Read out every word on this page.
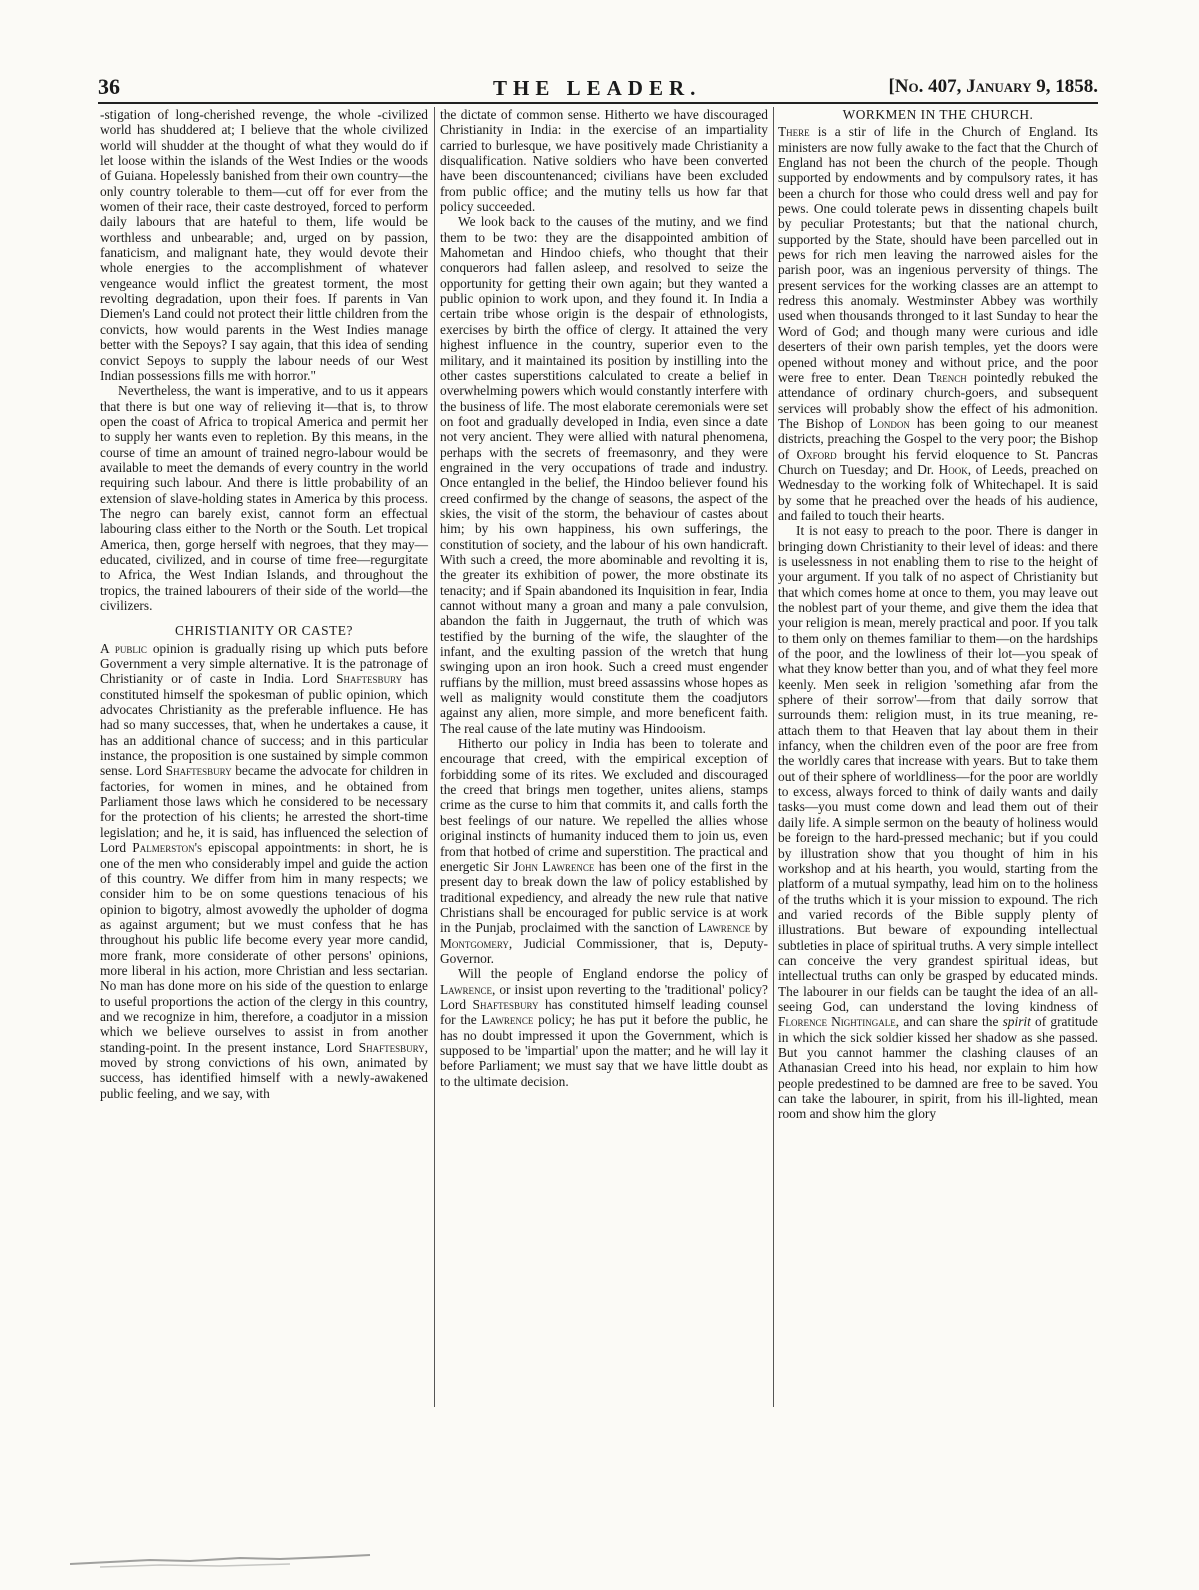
36	THE LEADER.	[No. 407, January 9, 1858.

-stigation of long-cherished revenge, the whole -civilized world has shuddered at; I believe that the whole civilized world will shudder at the thought of what they would do if let loose within the islands of the West Indies or the woods of Guiana. Hopelessly banished from their own country—the only country tolerable to them—cut off for ever from the women of their race, their caste destroyed, forced to perform daily labours that are hateful to them, life would be worthless and unbearable; and, urged on by passion, fanaticism, and malignant hate, they would devote their whole energies to the accomplishment of whatever vengeance would inflict the greatest torment, the most revolting degradation, upon their foes. If parents in Van Diemen's Land could not protect their little children from the convicts, how would parents in the West Indies manage better with the Sepoys? I say again, that this idea of sending convict Sepoys to supply the labour needs of our West Indian possessions fills me with horror."

Nevertheless, the want is imperative, and to us it appears that there is but one way of relieving it—that is, to throw open the coast of Africa to tropical America and permit her to supply her wants even to repletion. By this means, in the course of time an amount of trained negro-labour would be available to meet the demands of every country in the world requiring such labour. And there is little probability of an extension of slave-holding states in America by this process. The negro can barely exist, cannot form an effectual labouring class either to the North or the South. Let tropical America, then, gorge herself with negroes, that they may—educated, civilized, and in course of time free—regurgitate to Africa, the West Indian Islands, and throughout the tropics, the trained labourers of their side of the world—the civilizers.

CHRISTIANITY OR CASTE?

A public opinion is gradually rising up which puts before Government a very simple alternative. It is the patronage of Christianity or of caste in India. Lord Shaftesbury has constituted himself the spokesman of public opinion, which advocates Christianity as the preferable influence. He has had so many successes, that, when he undertakes a cause, it has an additional chance of success; and in this particular instance, the proposition is one sustained by simple common sense. Lord Shaftesbury became the advocate for children in factories, for women in mines, and he obtained from Parliament those laws which he considered to be necessary for the protection of his clients; he arrested the short-time legislation; and he, it is said, has influenced the selection of Lord Palmerston's episcopal appointments: in short, he is one of the men who considerably impel and guide the action of this country. We differ from him in many respects; we consider him to be on some questions tenacious of his opinion to bigotry, almost avowedly the upholder of dogma as against argument; but we must confess that he has throughout his public life become every year more candid, more frank, more considerate of other persons' opinions, more liberal in his action, more Christian and less sectarian. No man has done more on his side of the question to enlarge to useful proportions the action of the clergy in this country, and we recognize in him, therefore, a coadjutor in a mission which we believe ourselves to assist in from another standing-point. In the present instance, Lord Shaftesbury, moved by strong convictions of his own, animated by success, has identified himself with a newly-awakened public feeling, and we say, with

the dictate of common sense. Hitherto we have discouraged Christianity in India: in the exercise of an impartiality carried to burlesque, we have positively made Christianity a disqualification. Native soldiers who have been converted have been discountenanced; civilians have been excluded from public office; and the mutiny tells us how far that policy succeeded.

We look back to the causes of the mutiny, and we find them to be two: they are the disappointed ambition of Mahometan and Hindoo chiefs, who thought that their conquerors had fallen asleep, and resolved to seize the opportunity for getting their own again; but they wanted a public opinion to work upon, and they found it. In India a certain tribe whose origin is the despair of ethnologists, exercises by birth the office of clergy. It attained the very highest influence in the country, superior even to the military, and it maintained its position by instilling into the other castes superstitions calculated to create a belief in overwhelming powers which would constantly interfere with the business of life. The most elaborate ceremonials were set on foot and gradually developed in India, even since a date not very ancient. They were allied with natural phenomena, perhaps with the secrets of freemasonry, and they were engrained in the very occupations of trade and industry. Once entangled in the belief, the Hindoo believer found his creed confirmed by the change of seasons, the aspect of the skies, the visit of the storm, the behaviour of castes about him; by his own happiness, his own sufferings, the constitution of society, and the labour of his own handicraft. With such a creed, the more abominable and revolting it is, the greater its exhibition of power, the more obstinate its tenacity; and if Spain abandoned its Inquisition in fear, India cannot without many a groan and many a pale convulsion, abandon the faith in Juggernaut, the truth of which was testified by the burning of the wife, the slaughter of the infant, and the exulting passion of the wretch that hung swinging upon an iron hook. Such a creed must engender ruffians by the million, must breed assassins whose hopes as well as malignity would constitute them the coadjutors against any alien, more simple, and more beneficent faith. The real cause of the late mutiny was Hindooism.

Hitherto our policy in India has been to tolerate and encourage that creed, with the empirical exception of forbidding some of its rites. We excluded and discouraged the creed that brings men together, unites aliens, stamps crime as the curse to him that commits it, and calls forth the best feelings of our nature. We repelled the allies whose original instincts of humanity induced them to join us, even from that hotbed of crime and superstition. The practical and energetic Sir John Lawrence has been one of the first in the present day to break down the law of policy established by traditional expediency, and already the new rule that native Christians shall be encouraged for public service is at work in the Punjab, proclaimed with the sanction of Lawrence by Montgomery, Judicial Commissioner, that is, Deputy-Governor.

Will the people of England endorse the policy of Lawrence, or insist upon reverting to the 'traditional' policy? Lord Shaftesbury has constituted himself leading counsel for the Lawrence policy; he has put it before the public, he has no doubt impressed it upon the Government, which is supposed to be 'impartial' upon the matter; and he will lay it before Parliament; we must say that we have little doubt as to the ultimate decision.

WORKMEN IN THE CHURCH.

There is a stir of life in the Church of England. Its ministers are now fully awake to the fact that the Church of England has not been the church of the people. Though supported by endowments and by compulsory rates, it has been a church for those who could dress well and pay for pews. One could tolerate pews in dissenting chapels built by peculiar Protestants; but that the national church, supported by the State, should have been parcelled out in pews for rich men leaving the narrowed aisles for the parish poor, was an ingenious perversity of things. The present services for the working classes are an attempt to redress this anomaly. Westminster Abbey was worthily used when thousands thronged to it last Sunday to hear the Word of God; and though many were curious and idle deserters of their own parish temples, yet the doors were opened without money and without price, and the poor were free to enter. Dean Trench pointedly rebuked the attendance of ordinary church-goers, and subsequent services will probably show the effect of his admonition. The Bishop of London has been going to our meanest districts, preaching the Gospel to the very poor; the Bishop of Oxford brought his fervid eloquence to St. Pancras Church on Tuesday; and Dr. Hook, of Leeds, preached on Wednesday to the working folk of Whitechapel. It is said by some that he preached over the heads of his audience, and failed to touch their hearts.

It is not easy to preach to the poor. There is danger in bringing down Christianity to their level of ideas: and there is uselessness in not enabling them to rise to the height of your argument. If you talk of no aspect of Christianity but that which comes home at once to them, you may leave out the noblest part of your theme, and give them the idea that your religion is mean, merely practical and poor. If you talk to them only on themes familiar to them—on the hardships of the poor, and the lowliness of their lot—you speak of what they know better than you, and of what they feel more keenly. Men seek in religion 'something afar from the sphere of their sorrow'—from that daily sorrow that surrounds them: religion must, in its true meaning, re-attach them to that Heaven that lay about them in their infancy, when the children even of the poor are free from the worldly cares that increase with years. But to take them out of their sphere of worldliness—for the poor are worldly to excess, always forced to think of daily wants and daily tasks—you must come down and lead them out of their daily life. A simple sermon on the beauty of holiness would be foreign to the hard-pressed mechanic; but if you could by illustration show that you thought of him in his workshop and at his hearth, you would, starting from the platform of a mutual sympathy, lead him on to the holiness of the truths which it is your mission to expound. The rich and varied records of the Bible supply plenty of illustrations. But beware of expounding intellectual subtleties in place of spiritual truths. A very simple intellect can conceive the very grandest spiritual ideas, but intellectual truths can only be grasped by educated minds. The labourer in our fields can be taught the idea of an all-seeing God, can understand the loving kindness of Florence Nightingale, and can share the spirit of gratitude in which the sick soldier kissed her shadow as she passed. But you cannot hammer the clashing clauses of an Athanasian Creed into his head, nor explain to him how people predestined to be damned are free to be saved. You can take the labourer, in spirit, from his ill-lighted, mean room and show him the glory
